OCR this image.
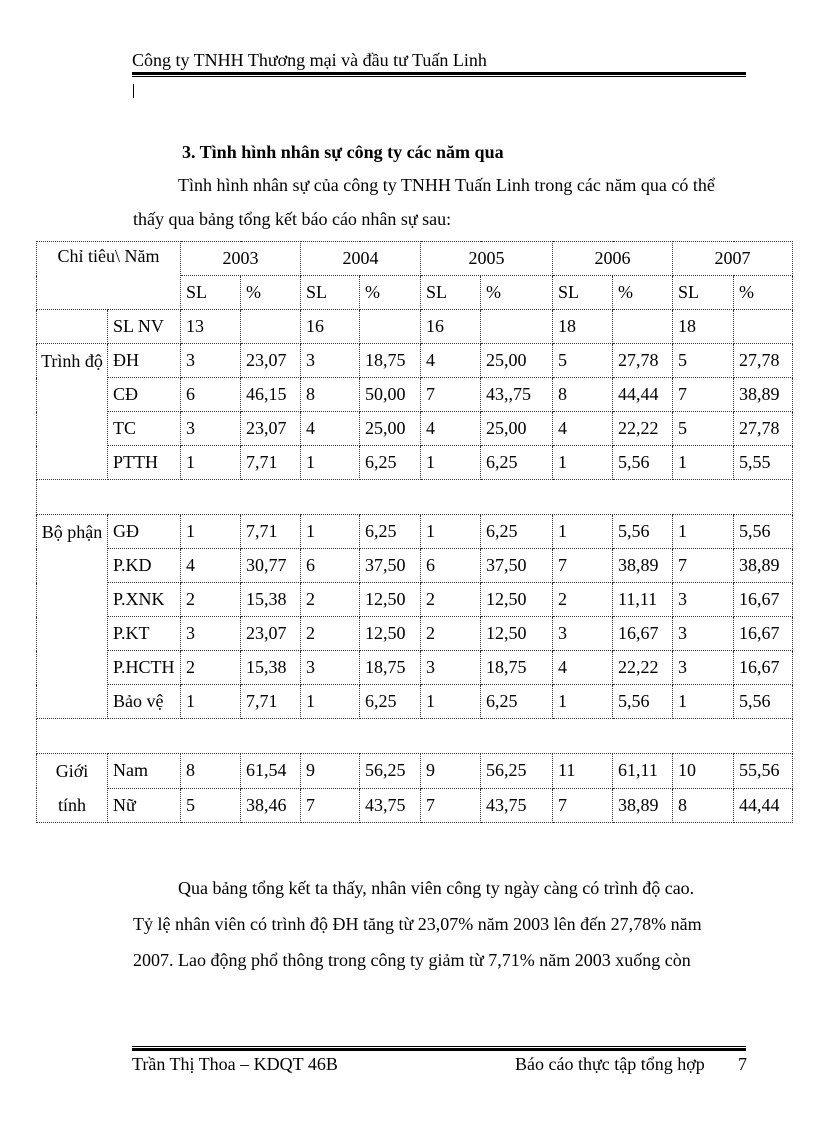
Công ty TNHH Thương mại và đầu tư Tuấn Linh
3. Tình hình nhân sự công ty các năm qua
Tình hình nhân sự của công ty TNHH Tuấn Linh trong các năm qua có thể
thấy qua bảng tổng kết báo cáo nhân sự sau:
Chỉ tiêu\ Năm		2003		2004		2005		2006		2007	
		SL	%	SL	%	SL	%	SL	%	SL	%
	SL NV	13		16		16		18		18	
Trình độ	ĐH	3	23,07	3	18,75	4	25,00	5	27,78	5	27,78
	CĐ	6	46,15	8	50,00	7	43,,75	8	44,44	7	38,89
	TC	3	23,07	4	25,00	4	25,00	4	22,22	5	27,78
	PTTH	1	7,71	1	6,25	1	6,25	1	5,56	1	5,55

Bộ phận	GĐ	1	7,71	1	6,25	1	6,25	1	5,56	1	5,56
	P.KD	4	30,77	6	37,50	6	37,50	7	38,89	7	38,89
	P.XNK	2	15,38	2	12,50	2	12,50	2	11,11	3	16,67
	P.KT	3	23,07	2	12,50	2	12,50	3	16,67	3	16,67
	P.HCTH	2	15,38	3	18,75	3	18,75	4	22,22	3	16,67
	Bảo vệ	1	7,71	1	6,25	1	6,25	1	5,56	1	5,56

Giới tính	Nam	8	61,54	9	56,25	9	56,25	11	61,11	10	55,56
	Nữ	5	38,46	7	43,75	7	43,75	7	38,89	8	44,44
Qua bảng tổng kết ta thấy, nhân viên công ty ngày càng có trình độ cao.
Tỷ lệ nhân viên có trình độ ĐH tăng từ 23,07% năm 2003 lên đến 27,78% năm
2007. Lao động phổ thông trong công ty giảm từ 7,71% năm 2003 xuống còn
Trần Thị Thoa – KDQT 46B	Báo cáo thực tập tổng hợp 7
